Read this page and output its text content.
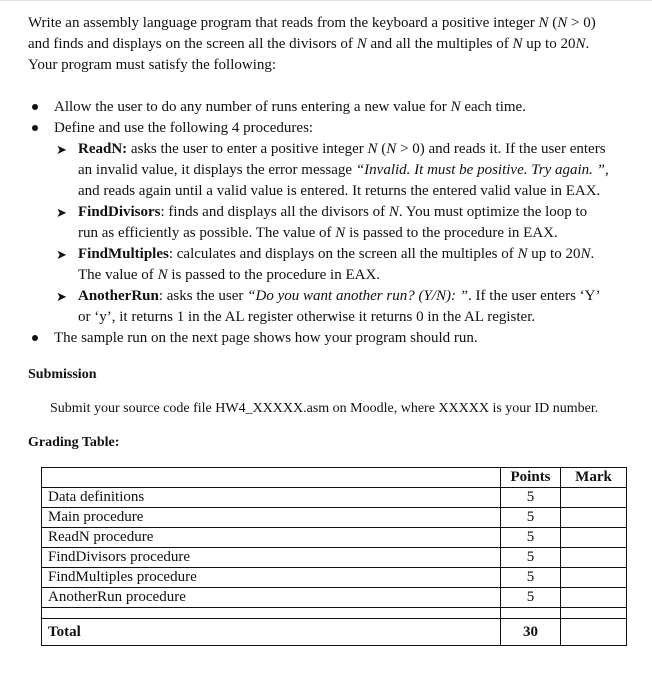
Write an assembly language program that reads from the keyboard a positive integer N (N > 0)
and finds and displays on the screen all the divisors of N and all the multiples of N up to 20N.
Your program must satisfy the following:
Allow the user to do any number of runs entering a new value for N each time.
Define and use the following 4 procedures:
➤ ReadN: asks the user to enter a positive integer N (N > 0) and reads it. If the user enters
an invalid value, it displays the error message “Invalid. It must be positive. Try again. ”,
and reads again until a valid value is entered. It returns the entered valid value in EAX.
➤ FindDivisors: finds and displays all the divisors of N. You must optimize the loop to
run as efficiently as possible. The value of N is passed to the procedure in EAX.
➤ FindMultiples: calculates and displays on the screen all the multiples of N up to 20N.
The value of N is passed to the procedure in EAX.
➤ AnotherRun: asks the user “Do you want another run? (Y/N): ”. If the user enters ‘Y’
or ‘y’, it returns 1 in the AL register otherwise it returns 0 in the AL register.
The sample run on the next page shows how your program should run.
Submission
Submit your source code file HW4_XXXXX.asm on Moodle, where XXXXX is your ID number.
Grading Table:
	Points	Mark
Data definitions	5	
Main procedure	5	
ReadN procedure	5	
FindDivisors procedure	5	
FindMultiples procedure	5	
AnotherRun procedure	5	

Total	30	
